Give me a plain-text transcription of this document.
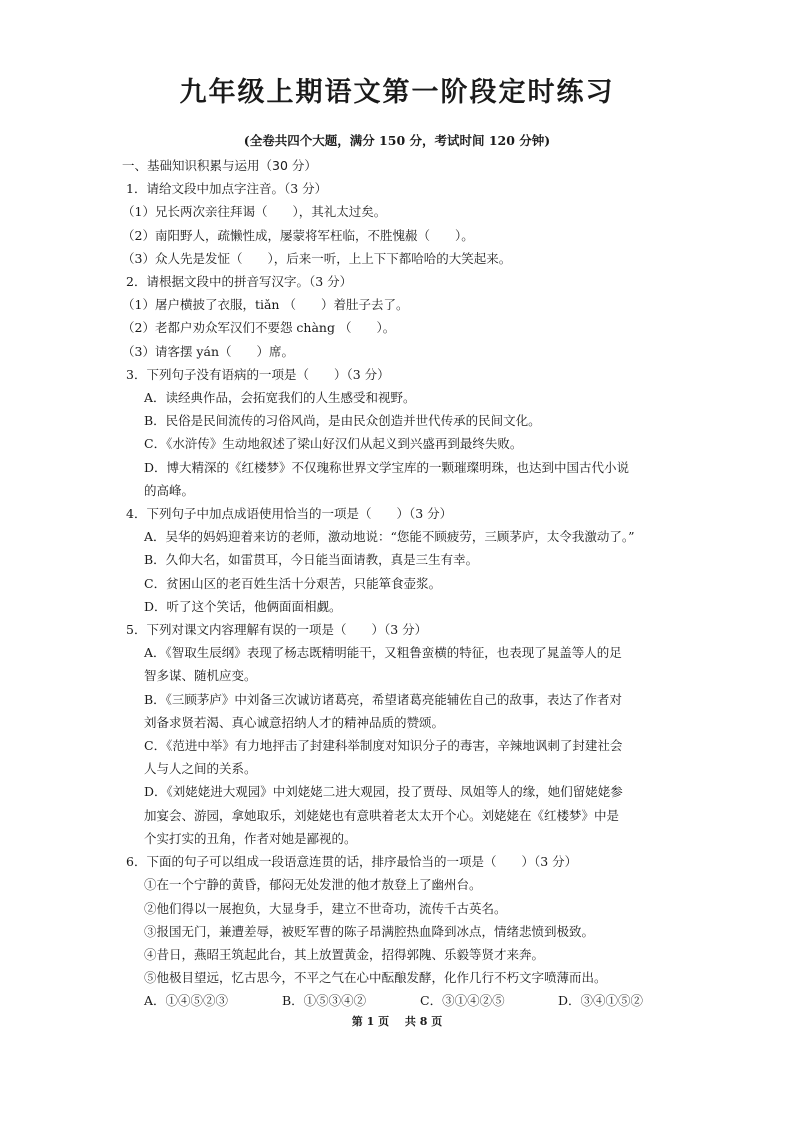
九年级上期语文第一阶段定时练习
(全卷共四个大题，满分 150 分，考试时间 120 分钟)
一、基础知识积累与运用（30 分）
1．请给文段中加点字注音。（3 分）
（1）兄长两次亲往拜谒（　　），其礼太过矣。
（2）南阳野人，疏懒性成，屡蒙将军枉临，不胜愧赧（　　）。
（3）众人先是发怔（　　），后来一听，上上下下都哈哈的大笑起来。
2．请根据文段中的拼音写汉字。（3 分）
（1）屠户横披了衣服，tiǎn （　　）着肚子去了。
（2）老都户劝众军汉们不要怨 chàng （　　）。
（3）请客摆 yán（　　）席。
3．下列句子没有语病的一项是（　　）（3 分）
A．读经典作品，会拓宽我们的人生感受和视野。
B．民俗是民间流传的习俗风尚，是由民众创造并世代传承的民间文化。
C．《水浒传》生动地叙述了梁山好汉们从起义到兴盛再到最终失败。
D．博大精深的《红楼梦》不仅瑰称世界文学宝库的一颗璀璨明珠，也达到中国古代小说
的高峰。
4．下列句子中加点成语使用恰当的一项是（　　）（3 分）
A．吴华的妈妈迎着来访的老师，激动地说：“您能不顾疲劳，三顾茅庐，太令我激动了。”
B．久仰大名，如雷贯耳，今日能当面请教，真是三生有幸。
C．贫困山区的老百姓生活十分艰苦，只能箪食壶浆。
D．听了这个笑话，他俩面面相觑。
5．下列对课文内容理解有误的一项是（　　）（3 分）
A．《智取生辰纲》表现了杨志既精明能干，又粗鲁蛮横的特征，也表现了晁盖等人的足
智多谋、随机应变。
B．《三顾茅庐》中刘备三次诚访诸葛亮，希望诸葛亮能辅佐自己的敌事，表达了作者对
刘备求贤若渴、真心诚意招纳人才的精神品质的赞颂。
C．《范进中举》有力地抨击了封建科举制度对知识分子的毒害，辛辣地讽刺了封建社会
人与人之间的关系。
D．《刘姥姥进大观园》中刘姥姥二进大观园，投了贾母、凤姐等人的缘，她们留姥姥参
加宴会、游园，拿她取乐，刘姥姥也有意哄着老太太开个心。刘姥姥在《红楼梦》中是
个实打实的丑角，作者对她是鄙视的。
6．下面的句子可以组成一段语意连贯的话，排序最恰当的一项是（　　）（3 分）
①在一个宁静的黄昏，郁闷无处发泄的他才敖登上了幽州台。
②他们得以一展抱负，大显身手，建立不世奇功，流传千古英名。
③报国无门，兼遭差辱，被贬军曹的陈子昂满腔热血降到冰点，情绪悲愤到极致。
④昔日，燕昭王筑起此台，其上放置黄金，招得郭隗、乐毅等贤才来奔。
⑤他极目望远，忆古思今，不平之气在心中酝酿发酵，化作几行不朽文字喷薄而出。
A．①④⑤②③	B．①⑤③④②	C．③①④②⑤	D．③④①⑤②
第 1 页 共 8 页
